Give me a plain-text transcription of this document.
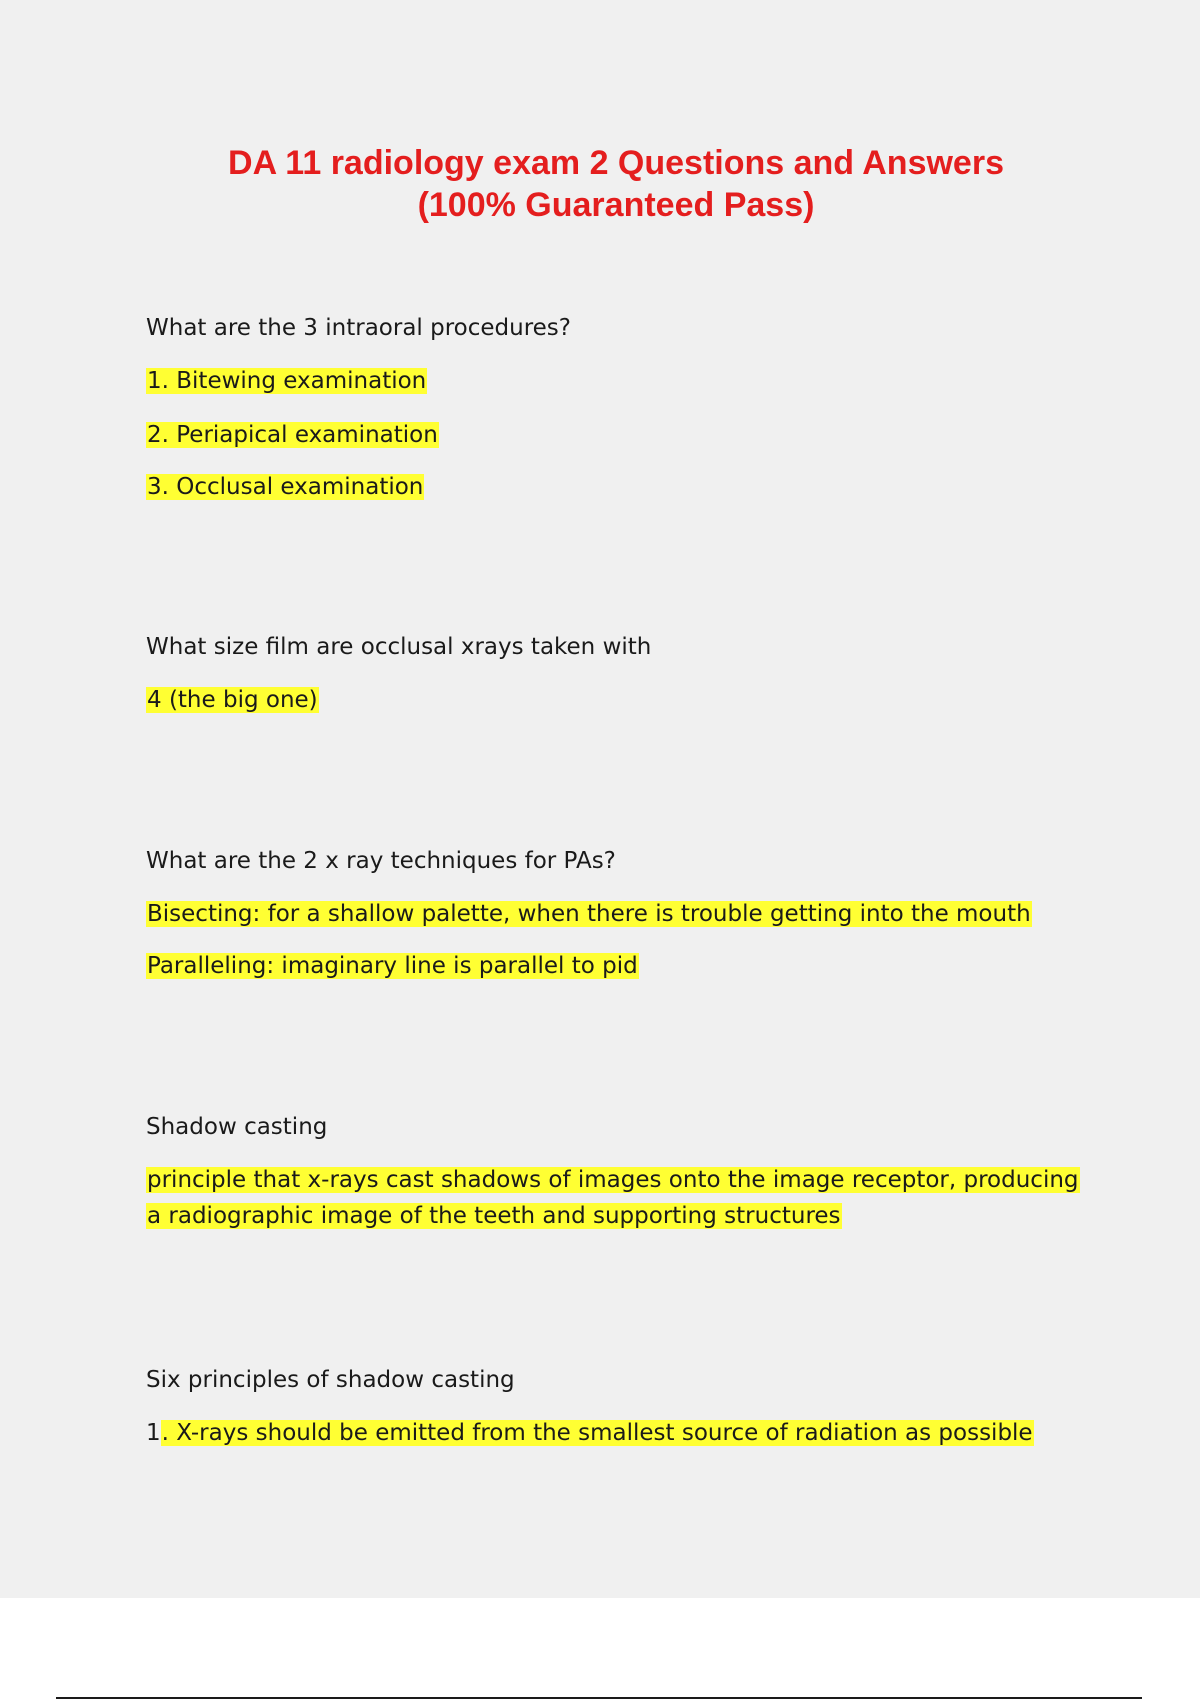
DA 11 radiology exam 2 Questions and Answers
(100% Guaranteed Pass)
What are the 3 intraoral procedures?
1. Bitewing examination
2. Periapical examination
3. Occlusal examination
What size film are occlusal xrays taken with
4 (the big one)
What are the 2 x ray techniques for PAs?
Bisecting: for a shallow palette, when there is trouble getting into the mouth
Paralleling: imaginary line is parallel to pid
Shadow casting
principle that x-rays cast shadows of images onto the image receptor, producing a radiographic image of the teeth and supporting structures
Six principles of shadow casting
1. X-rays should be emitted from the smallest source of radiation as possible
